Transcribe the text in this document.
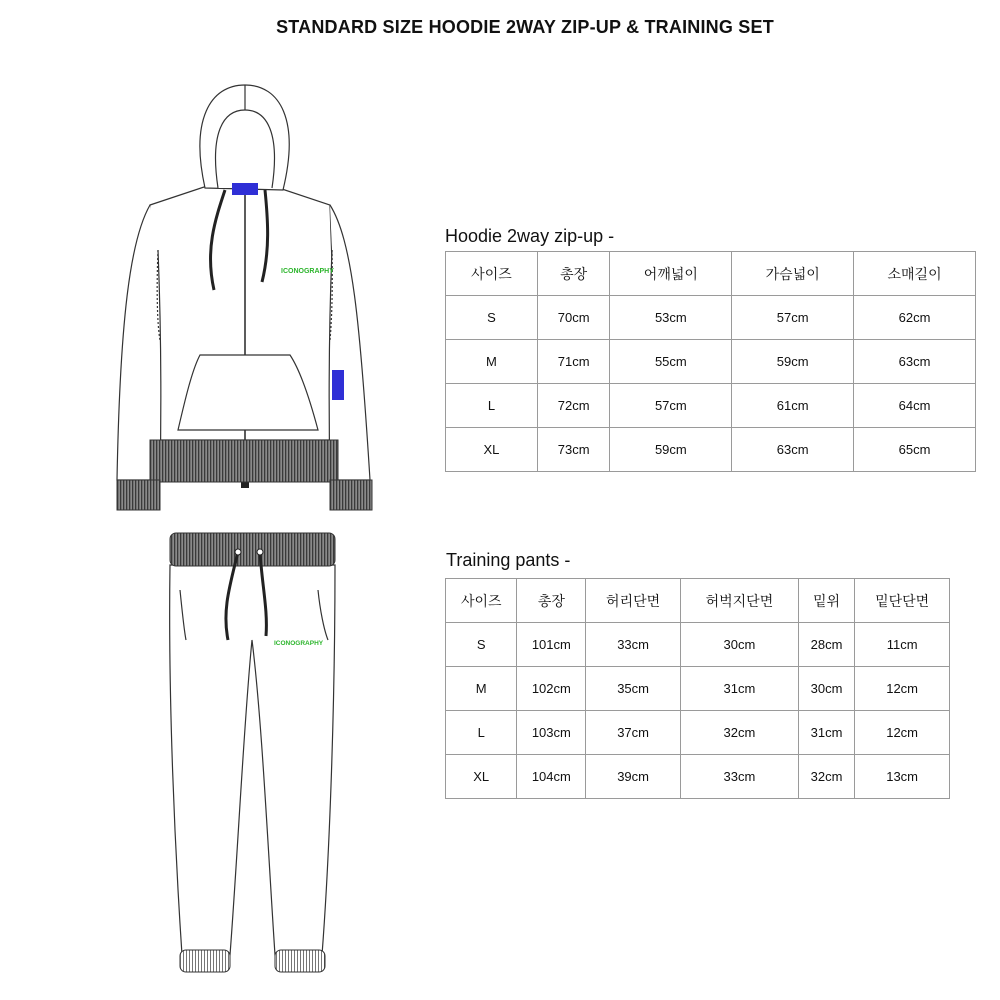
STANDARD SIZE HOODIE 2WAY ZIP-UP & TRAINING SET
ICONOGRAPHY
ICONOGRAPHY
Hoodie 2way zip-up -
사이즈	총장	어깨넓이	가슴넓이	소매길이
S	70cm	53cm	57cm	62cm
M	71cm	55cm	59cm	63cm
L	72cm	57cm	61cm	64cm
XL	73cm	59cm	63cm	65cm
Training pants -
사이즈	총장	허리단면	허벅지단면	밑위	밑단단면
S	101cm	33cm	30cm	28cm	11cm
M	102cm	35cm	31cm	30cm	12cm
L	103cm	37cm	32cm	31cm	12cm
XL	104cm	39cm	33cm	32cm	13cm
